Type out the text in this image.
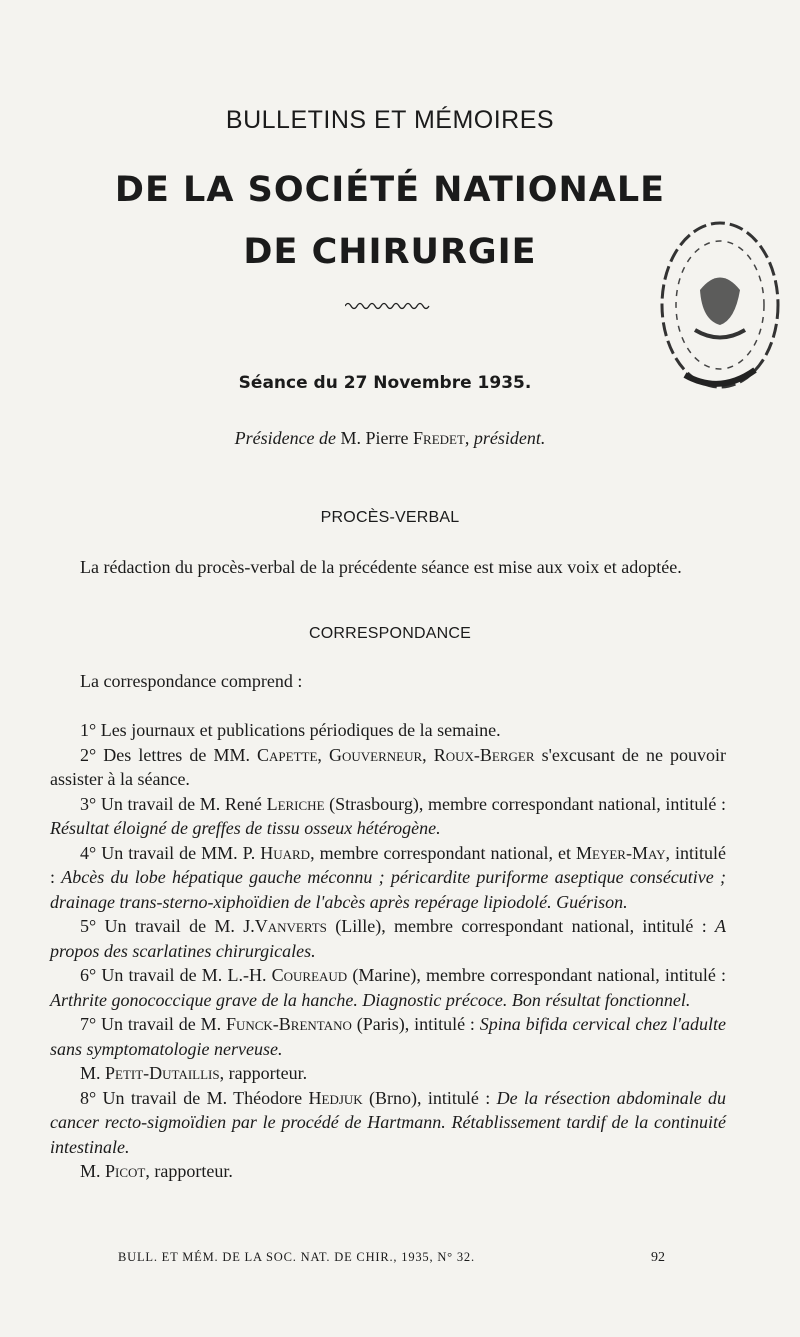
BULLETINS ET MÉMOIRES
DE LA SOCIÉTÉ NATIONALE
DE CHIRURGIE
Séance du 27 Novembre 1935.
Présidence de M. Pierre Fredet, président.
PROCÈS-VERBAL

La rédaction du procès-verbal de la précédente séance est mise aux voix et adoptée.

CORRESPONDANCE

La correspondance comprend :

1° Les journaux et publications périodiques de la semaine.

2° Des lettres de MM. Capette, Gouverneur, Roux-Berger s'excusant de ne pouvoir assister à la séance.

3° Un travail de M. René Leriche (Strasbourg), membre correspondant national, intitulé : Résultat éloigné de greffes de tissu osseux hétérogène.

4° Un travail de MM. P. Huard, membre correspondant national, et Meyer-May, intitulé : Abcès du lobe hépatique gauche méconnu ; péricardite puriforme aseptique consécutive ; drainage trans-sterno-xiphoïdien de l'abcès après repérage lipiodolé. Guérison.

5° Un travail de M. J.Vanverts (Lille), membre correspondant national, intitulé : A propos des scarlatines chirurgicales.

6° Un travail de M. L.-H. Coureaud (Marine), membre correspondant national, intitulé : Arthrite gonococcique grave de la hanche. Diagnostic précoce. Bon résultat fonctionnel.

7° Un travail de M. Funck-Brentano (Paris), intitulé : Spina bifida cervical chez l'adulte sans symptomatologie nerveuse.

M. Petit-Dutaillis, rapporteur.

8° Un travail de M. Théodore Hedjuk (Brno), intitulé : De la résection abdominale du cancer recto-sigmoïdien par le procédé de Hartmann. Rétablissement tardif de la continuité intestinale.

M. Picot, rapporteur.

BULL. ET MÉM. DE LA SOC. NAT. DE CHIR., 1935, N° 32.	92
